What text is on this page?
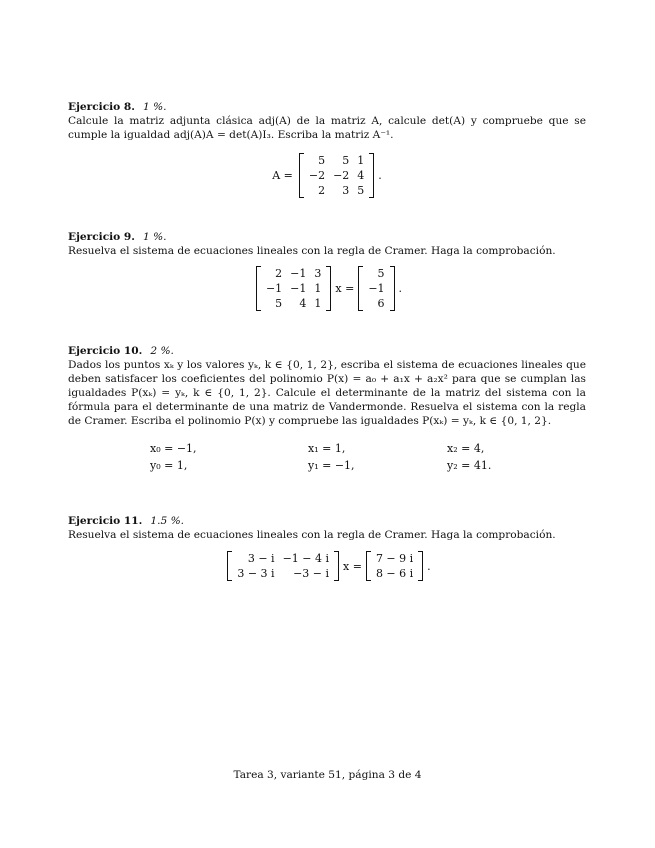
Ejercicio 8. 1 %.
Calcule la matriz adjunta clásica adj(A) de la matriz A, calcule det(A) y compruebe que se cumple la igualdad adj(A)A = det(A)I₃. Escriba la matriz A⁻¹.
A =
5	5	1
−2	−2	4
2	3	5
.
Ejercicio 9. 1 %.
Resuelva el sistema de ecuaciones lineales con la regla de Cramer. Haga la comprobación.
2	−1	3
−1	−1	1
5	4	1
x =
5
−1
6
.
Ejercicio 10. 2 %.
Dados los puntos xₖ y los valores yₖ, k ∈ {0, 1, 2}, escriba el sistema de ecuaciones lineales que deben satisfacer los coeficientes del polinomio P(x) = a₀ + a₁x + a₂x² para que se cumplan las igualdades P(xₖ) = yₖ, k ∈ {0, 1, 2}. Calcule el determinante de la matriz del sistema con la fórmula para el determinante de una matriz de Vandermonde. Resuelva el sistema con la regla de Cramer. Escriba el polinomio P(x) y compruebe las igualdades P(xₖ) = yₖ, k ∈ {0, 1, 2}.
x₀ = −1,	x₁ = 1,	x₂ = 4,
y₀ = 1,	y₁ = −1,	y₂ = 41.
Ejercicio 11. 1.5 %.
Resuelva el sistema de ecuaciones lineales con la regla de Cramer. Haga la comprobación.
3 − i	−1 − 4 i
3 − 3 i	−3 − i
x =
7 − 9 i
8 − 6 i
.
Tarea 3, variante 51, página 3 de 4
